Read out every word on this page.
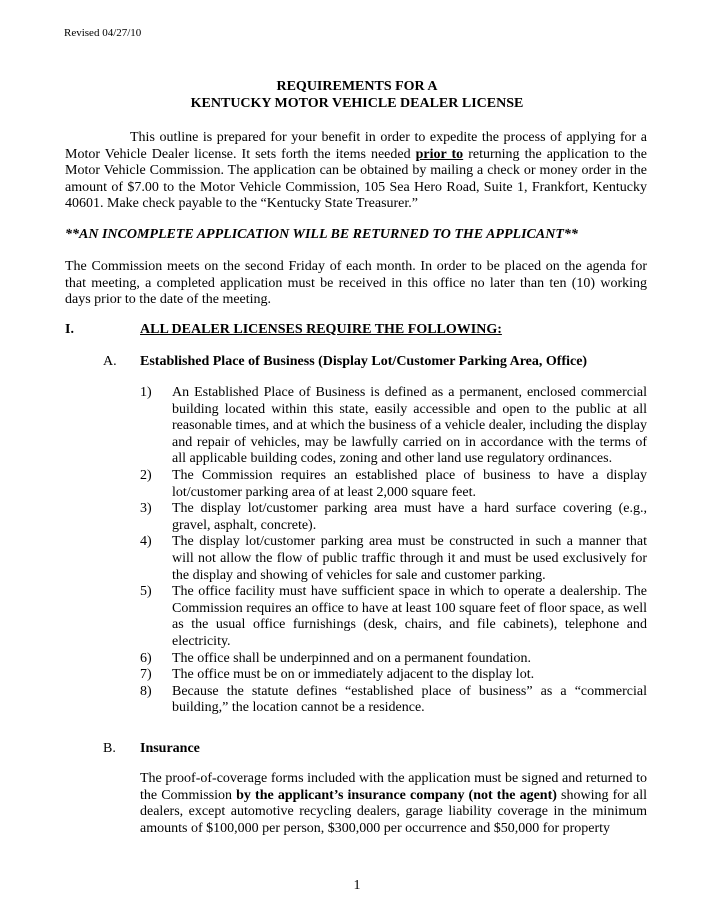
Revised 04/27/10
REQUIREMENTS FOR A
KENTUCKY MOTOR VEHICLE DEALER LICENSE
This outline is prepared for your benefit in order to expedite the process of applying for a Motor Vehicle Dealer license. It sets forth the items needed prior to returning the application to the Motor Vehicle Commission. The application can be obtained by mailing a check or money order in the amount of $7.00 to the Motor Vehicle Commission, 105 Sea Hero Road, Suite 1, Frankfort, Kentucky 40601. Make check payable to the “Kentucky State Treasurer.”
**AN INCOMPLETE APPLICATION WILL BE RETURNED TO THE APPLICANT**
The Commission meets on the second Friday of each month. In order to be placed on the agenda for that meeting, a completed application must be received in this office no later than ten (10) working days prior to the date of the meeting.
I.	ALL DEALER LICENSES REQUIRE THE FOLLOWING:
A. Established Place of Business (Display Lot/Customer Parking Area, Office)
1) An Established Place of Business is defined as a permanent, enclosed commercial building located within this state, easily accessible and open to the public at all reasonable times, and at which the business of a vehicle dealer, including the display and repair of vehicles, may be lawfully carried on in accordance with the terms of all applicable building codes, zoning and other land use regulatory ordinances.
2) The Commission requires an established place of business to have a display lot/customer parking area of at least 2,000 square feet.
3) The display lot/customer parking area must have a hard surface covering (e.g., gravel, asphalt, concrete).
4) The display lot/customer parking area must be constructed in such a manner that will not allow the flow of public traffic through it and must be used exclusively for the display and showing of vehicles for sale and customer parking.
5) The office facility must have sufficient space in which to operate a dealership. The Commission requires an office to have at least 100 square feet of floor space, as well as the usual office furnishings (desk, chairs, and file cabinets), telephone and electricity.
6) The office shall be underpinned and on a permanent foundation.
7) The office must be on or immediately adjacent to the display lot.
8) Because the statute defines “established place of business” as a “commercial building,” the location cannot be a residence.
B. Insurance
The proof-of-coverage forms included with the application must be signed and returned to the Commission by the applicant’s insurance company (not the agent) showing for all dealers, except automotive recycling dealers, garage liability coverage in the minimum amounts of $100,000 per person, $300,000 per occurrence and $50,000 for property
1
